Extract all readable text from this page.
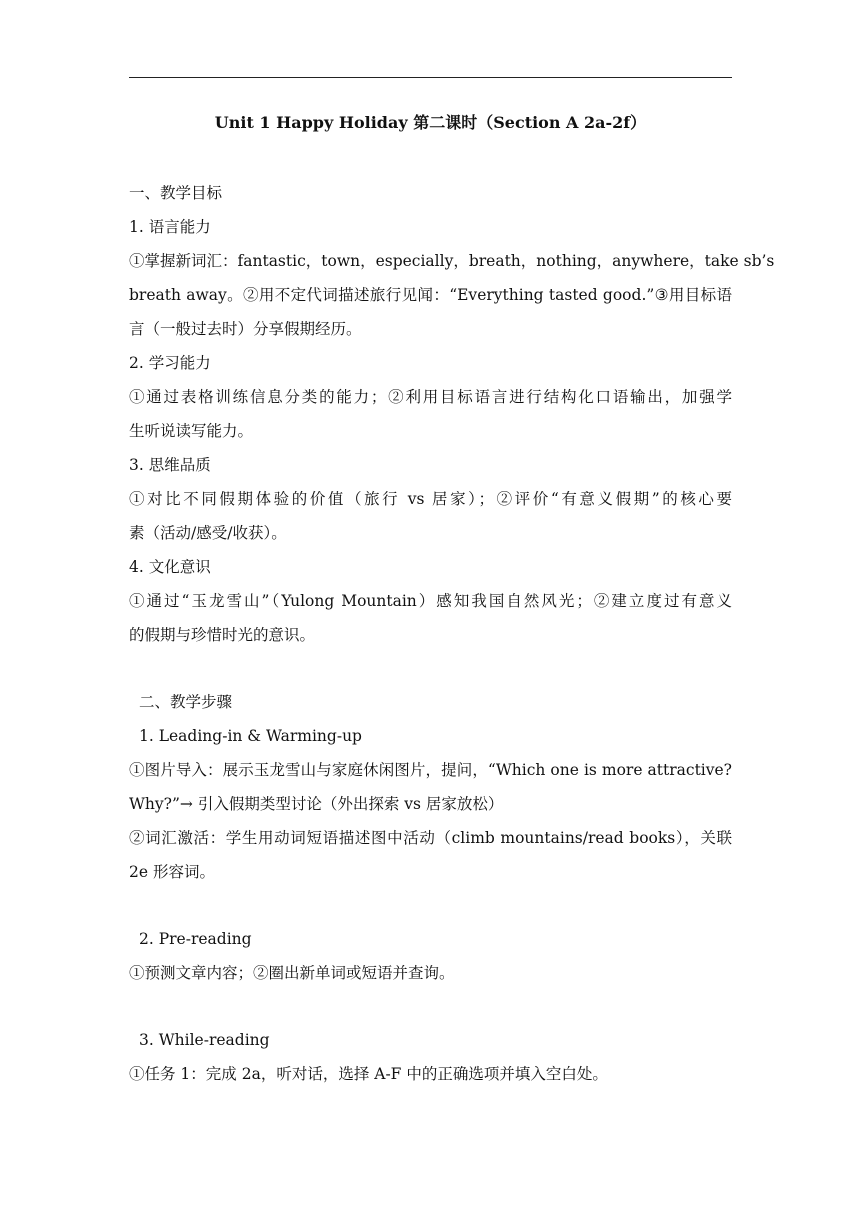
Unit 1 Happy Holiday 第二课时（Section A 2a-2f）
一、教学目标
1. 语言能力
①掌握新词汇：fantastic，town，especially，breath，nothing，anywhere，take sb’s
breath away。②用不定代词描述旅行见闻：“Everything tasted good.”③用目标语
言（一般过去时）分享假期经历。
2. 学习能力
①通过表格训练信息分类的能力；②利用目标语言进行结构化口语输出，加强学
生听说读写能力。
3. 思维品质
①对比不同假期体验的价值（旅行 vs 居家）；②评价“有意义假期”的核心要
素（活动/感受/收获）。
4. 文化意识
①通过“玉龙雪山”（Yulong Mountain）感知我国自然风光；②建立度过有意义
的假期与珍惜时光的意识。
二、教学步骤
1. Leading-in & Warming-up
①图片导入：展示玉龙雪山与家庭休闲图片，提问，“Which one is more attractive?
Why?”→ 引入假期类型讨论（外出探索 vs 居家放松）
②词汇激活：学生用动词短语描述图中活动（climb mountains/read books），关联
2e 形容词。
2. Pre-reading
①预测文章内容；②圈出新单词或短语并查询。
3. While-reading
①任务 1：完成 2a，听对话，选择 A-F 中的正确选项并填入空白处。
